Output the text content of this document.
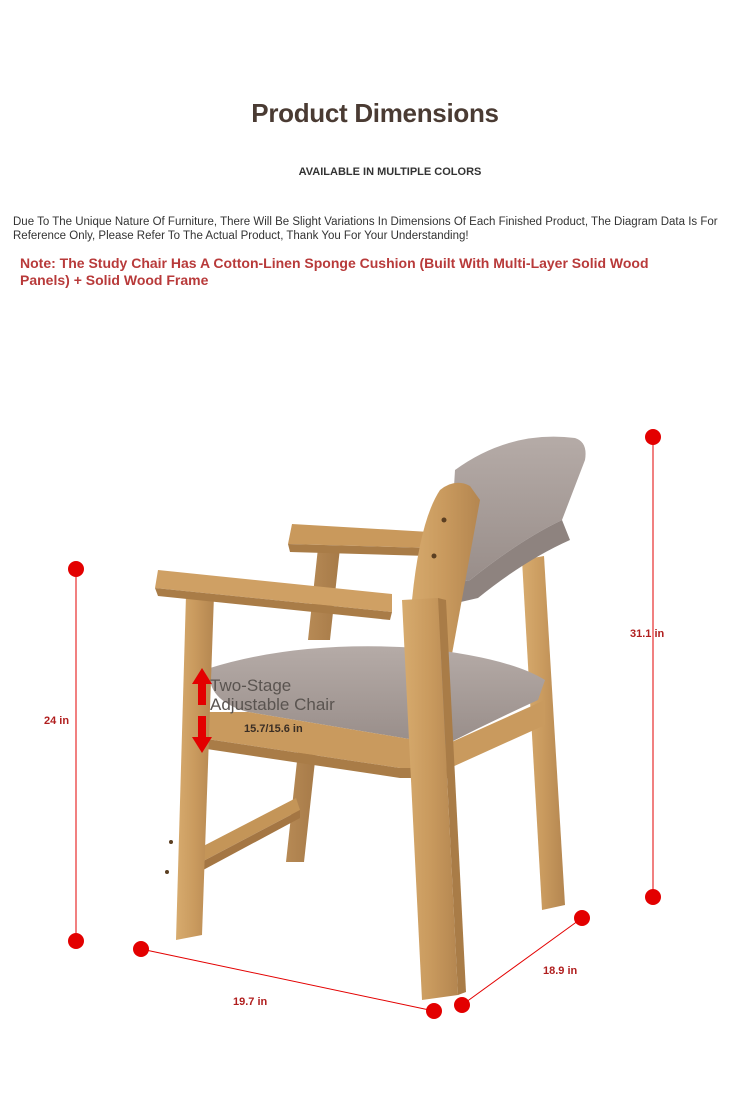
Product Dimensions
AVAILABLE IN MULTIPLE COLORS
Due To The Unique Nature Of Furniture, There Will Be Slight Variations In Dimensions Of Each Finished Product, The Diagram Data Is For Reference Only, Please Refer To The Actual Product, Thank You For Your Understanding!
Note: The Study Chair Has A Cotton-Linen Sponge Cushion (Built With Multi-Layer Solid Wood Panels) + Solid Wood Frame
24 in
31.1 in
19.7 in
18.9 in
Two-Stage
Adjustable Chair
15.7/15.6 in
